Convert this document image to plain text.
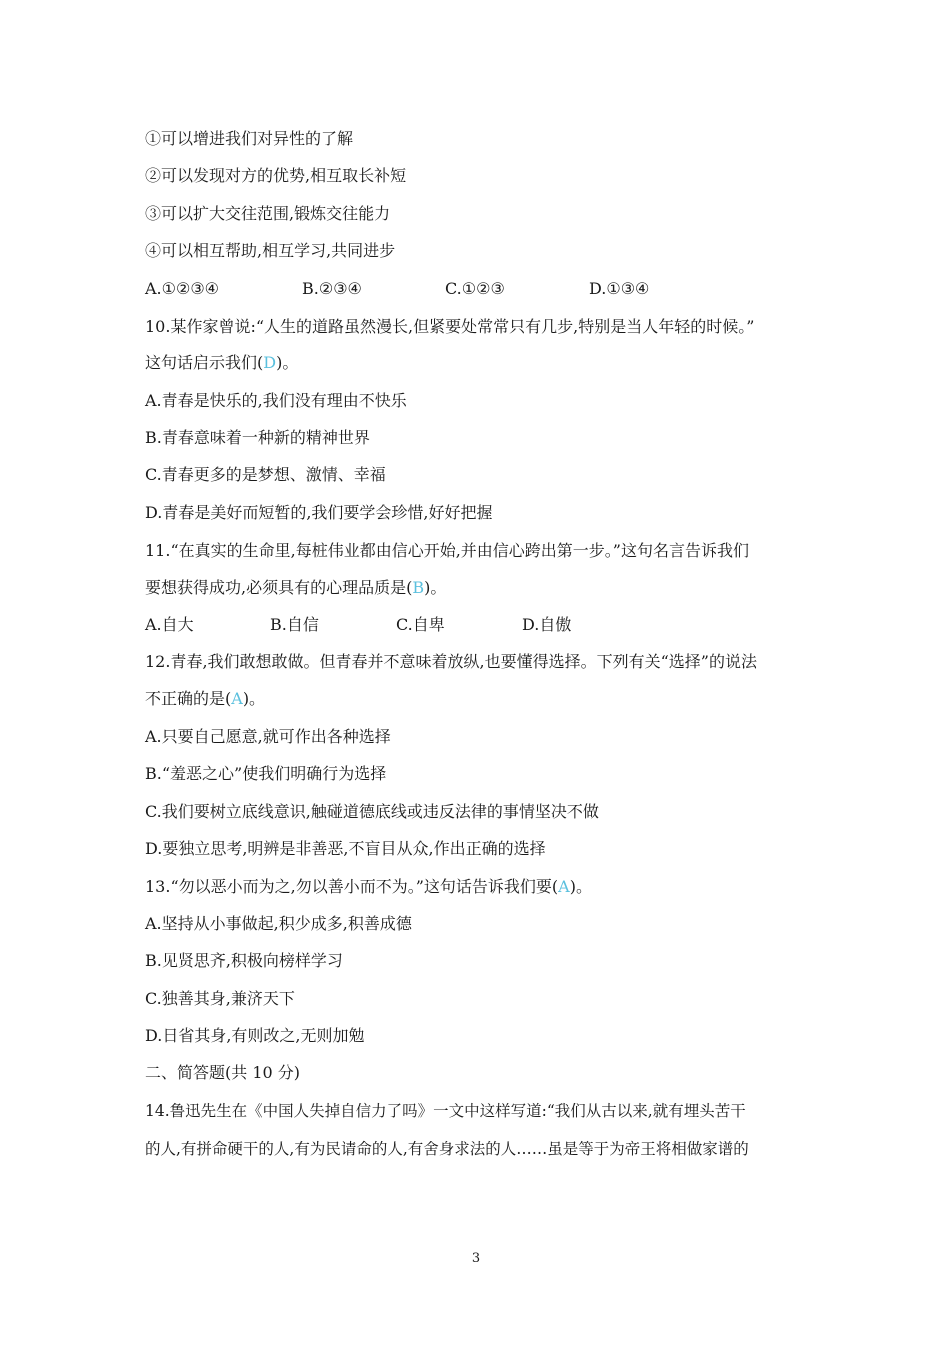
①可以增进我们对异性的了解
②可以发现对方的优势,相互取长补短
③可以扩大交往范围,锻炼交往能力
④可以相互帮助,相互学习,共同进步
A.①②③④	B.②③④	C.①②③	D.①③④
10.某作家曾说:“人生的道路虽然漫长,但紧要处常常只有几步,特别是当人年轻的时候。”
这句话启示我们(D)。
A.青春是快乐的,我们没有理由不快乐
B.青春意味着一种新的精神世界
C.青春更多的是梦想、激情、幸福
D.青春是美好而短暂的,我们要学会珍惜,好好把握
11.“在真实的生命里,每桩伟业都由信心开始,并由信心跨出第一步。”这句名言告诉我们
要想获得成功,必须具有的心理品质是(B)。
A.自大	B.自信	C.自卑	D.自傲
12.青春,我们敢想敢做。但青春并不意味着放纵,也要懂得选择。下列有关“选择”的说法
不正确的是(A)。
A.只要自己愿意,就可作出各种选择
B.“羞恶之心”使我们明确行为选择
C.我们要树立底线意识,触碰道德底线或违反法律的事情坚决不做
D.要独立思考,明辨是非善恶,不盲目从众,作出正确的选择
13.“勿以恶小而为之,勿以善小而不为。”这句话告诉我们要(A)。
A.坚持从小事做起,积少成多,积善成德
B.见贤思齐,积极向榜样学习
C.独善其身,兼济天下
D.日省其身,有则改之,无则加勉
二、简答题(共 10 分)
14.鲁迅先生在《中国人失掉自信力了吗》一文中这样写道:“我们从古以来,就有埋头苦干
的人,有拼命硬干的人,有为民请命的人,有舍身求法的人……虽是等于为帝王将相做家谱的
3
